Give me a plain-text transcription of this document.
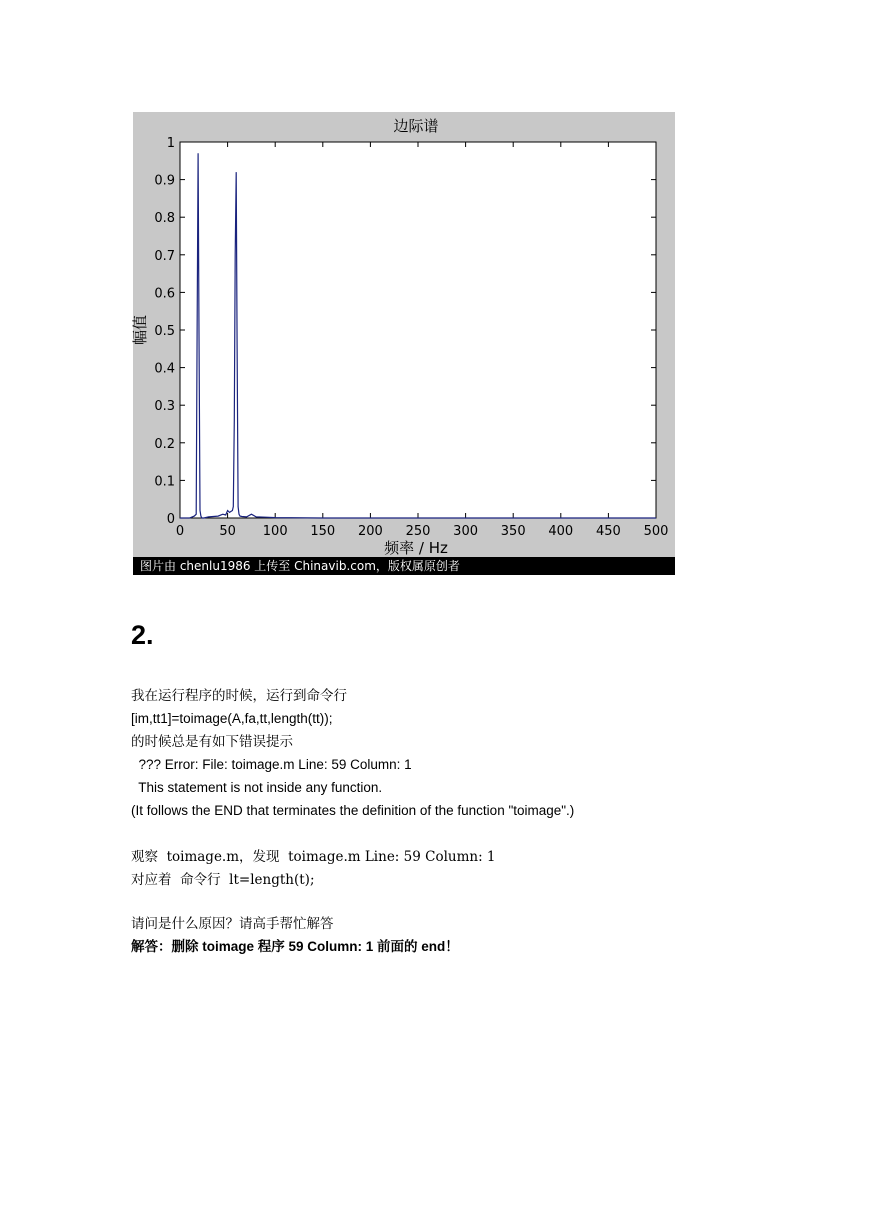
边际谱
频率 / Hz
幅值
0	50 100 150 200 250 300 350 400 450 500
0
0.1
0.2
0.3
0.4
0.5
0.6
0.7
0.8
0.9
1
图片由 chenlu1986 上传至 Chinavib.com，版权属原创者
2.
我在运行程序的时候，运行到命令行
[im,tt1]=toimage(A,fa,tt,length(tt));
的时候总是有如下错误提示
??? Error: File: toimage.m Line: 59 Column: 1
This statement is not inside any function.
(It follows the END that terminates the definition of the function "toimage".)
观察  toimage.m，发现  toimage.m Line: 59 Column: 1
对应着  命令行  lt=length(t);
请问是什么原因？请高手帮忙解答
解答：删除 toimage 程序 59 Column: 1 前面的 end！
